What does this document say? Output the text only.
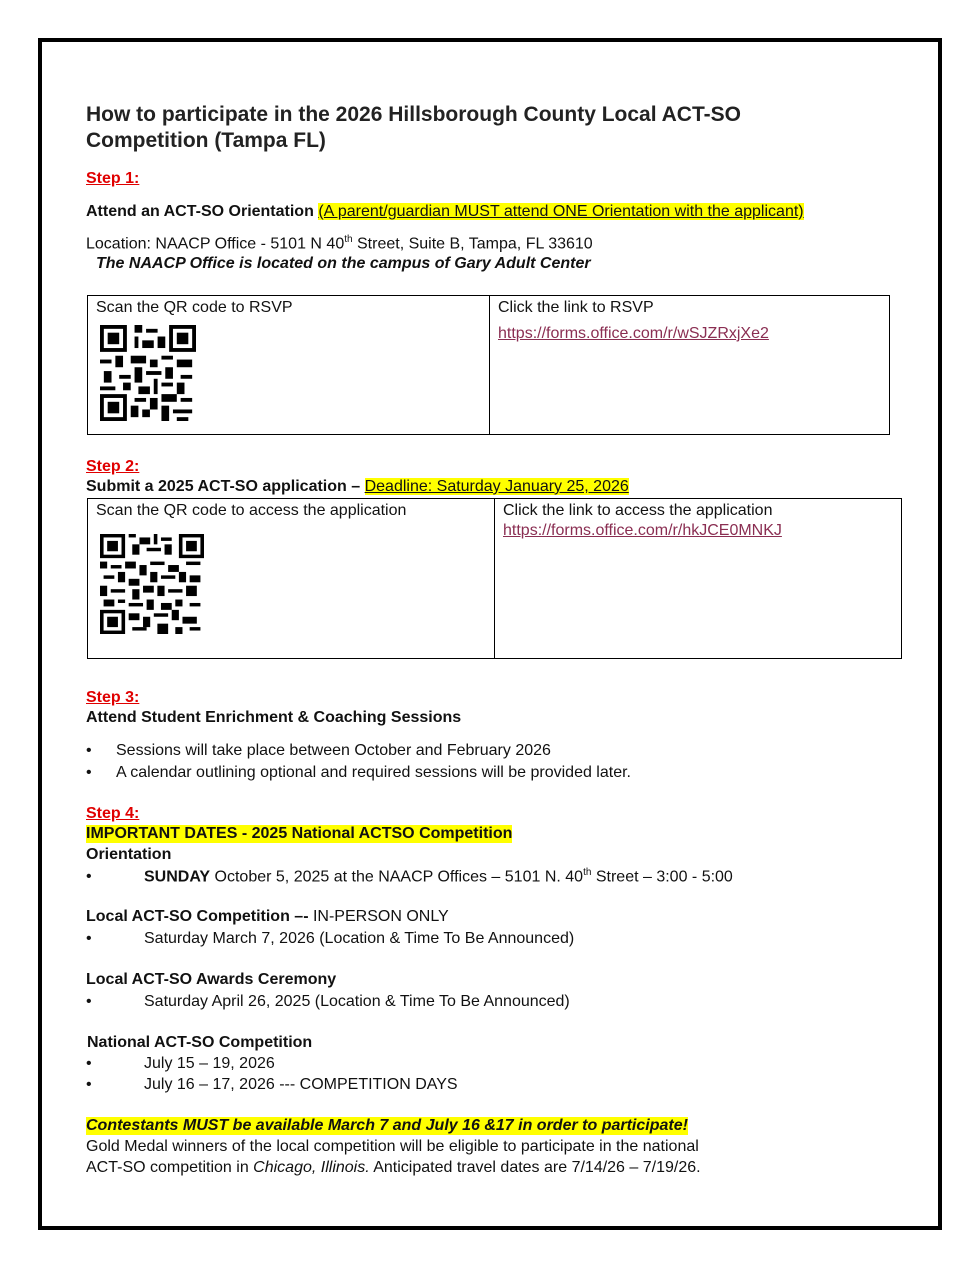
How to participate in the 2026 Hillsborough County Local ACT-SO Competition (Tampa FL)
Step 1:
Attend an ACT-SO Orientation (A parent/guardian MUST attend ONE Orientation with the applicant)
Location: NAACP Office - 5101 N 40th Street, Suite B, Tampa, FL 33610
The NAACP Office is located on the campus of Gary Adult Center
Scan the QR code to RSVP	Click the link to RSVP
https://forms.office.com/r/wSJZRxjXe2
Step 2:
Submit a 2025 ACT-SO application – Deadline: Saturday January 25, 2026
Scan the QR code to access the application	Click the link to access the application
https://forms.office.com/r/hkJCE0MNKJ
Step 3:
Attend Student Enrichment & Coaching Sessions
• Sessions will take place between October and February 2026
• A calendar outlining optional and required sessions will be provided later.
Step 4:
IMPORTANT DATES - 2025 National ACTSO Competition
Orientation
•	SUNDAY October 5, 2025 at the NAACP Offices – 5101 N. 40th Street – 3:00 - 5:00
Local ACT-SO Competition –- IN-PERSON ONLY
•	Saturday March 7, 2026 (Location & Time To Be Announced)
Local ACT-SO Awards Ceremony
•	Saturday April 26, 2025 (Location & Time To Be Announced)
National ACT-SO Competition
•	July 15 – 19, 2026
•	July 16 – 17, 2026 --- COMPETITION DAYS
Contestants MUST be available March 7 and July 16 &17 in order to participate!
Gold Medal winners of the local competition will be eligible to participate in the national
ACT-SO competition in Chicago, Illinois. Anticipated travel dates are 7/14/26 – 7/19/26.
